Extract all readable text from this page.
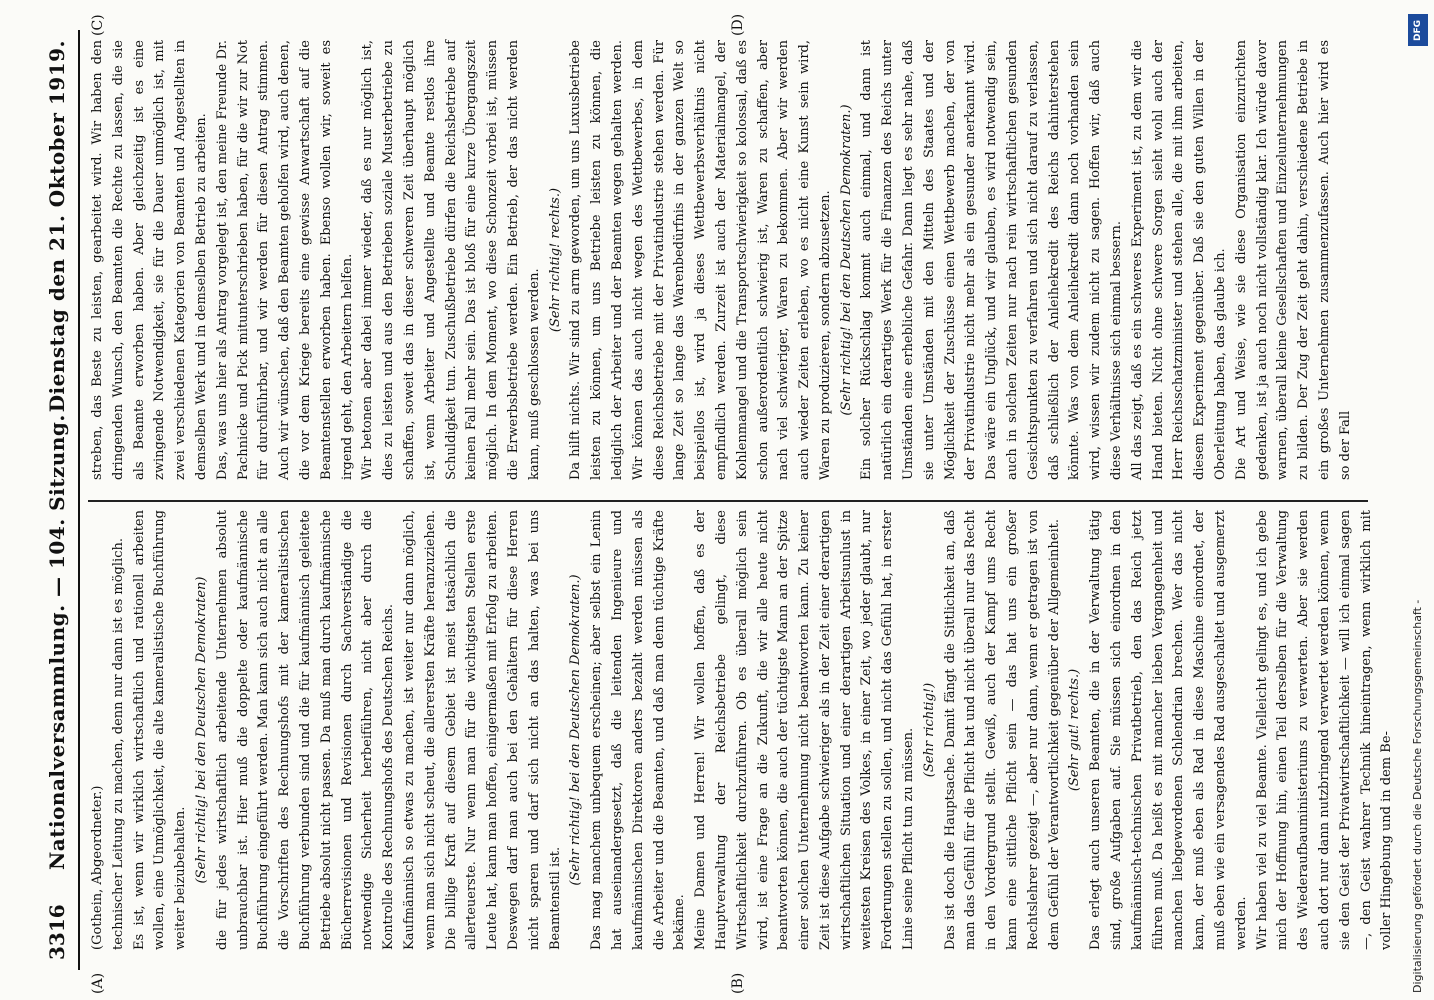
3316
Nationalversammlung. — 104. Sitzung.
Dienstag den 21. Oktober 1919.
(A)	(B)
(C)	(D)

(Gothein, Abgeordneter.) technischer Leitung zu machen, denn nur dann ist es möglich. Es ist, wenn wir wirklich wirtschaftlich und rationell arbeiten wollen, eine Unmöglichkeit, die alte kameralistische Buchführung weiter beizubehalten. (Sehr richtig! bei den Deutschen Demokraten) die für jedes wirtschaftlich arbeitende Unternehmen absolut unbrauchbar ist. Hier muß die doppelte oder kaufmännische Buchführung eingeführt werden. Man kann sich auch nicht an alle die Vorschriften des Rechnungshofs mit der kameralistischen Buchführung verbunden sind und die für kaufmännisch geleitete Betriebe absolut nicht passen. Da muß man durch kaufmännische Bücherrevisionen und Revisionen durch Sachverständige die notwendige Sicherheit herbeiführen, nicht aber durch die Kontrolle des Rechnungshofs des Deutschen Reichs. Kaufmännisch so etwas zu machen, ist weiter nur dann möglich, wenn man sich nicht scheut, die allerersten Kräfte heranzuziehen. Die billige Kraft auf diesem Gebiet ist meist tatsächlich die allerteuerste. Nur wenn man für die wichtigsten Stellen erste Leute hat, kann man hoffen, einigermaßen mit Erfolg zu arbeiten. Deswegen darf man auch bei den Gehältern für diese Herren nicht sparen und darf sich nicht an das halten, was bei uns Beamtenstil ist.

(Sehr richtig! bei den Deutschen Demokraten.) Das mag manchem unbequem erscheinen; aber selbst ein Lenin hat auseinandergesetzt, daß die leitenden Ingenieure und kaufmännischen Direktoren anders bezahlt werden müssen als die Arbeiter und die Beamten, und daß man denn tüchtige Kräfte bekäme. Meine Damen und Herren! Wir wollen hoffen, daß es der Hauptverwaltung der Reichsbetriebe gelingt, diese Wirtschaftlichkeit durchzuführen. Ob es überall möglich sein wird, ist eine Frage an die Zukunft, die wir alle heute nicht beantworten können, die auch der tüchtigste Mann an der Spitze einer solchen Unternehmung nicht beantworten kann. Zu keiner Zeit ist diese Aufgabe schwieriger als in der Zeit einer derartigen wirtschaftlichen Situation und einer derartigen Arbeitsunlust in weitesten Kreisen des Volkes, in einer Zeit, wo jeder glaubt, nur Forderungen stellen zu sollen, und nicht das Gefühl hat, in erster Linie seine Pflicht tun zu müssen. (Sehr richtig!) Das ist doch die Hauptsache. Damit fängt die Sittlichkeit an, daß man das Gefühl für die Pflicht hat und nicht überall nur das Recht in den Vordergrund stellt. Gewiß, auch der Kampf ums Recht kann eine sittliche Pflicht sein — das hat uns ein großer Rechtslehrer gezeigt —, aber nur dann, wenn er getragen ist von dem Gefühl der Verantwortlichkeit gegenüber der Allgemeinheit. (Sehr gut! rechts.) Das erlegt auch unseren Beamten, die in der Verwaltung tätig sind, große Aufgaben auf. Sie müssen sich einordnen in den kaufmännisch-technischen Privatbetrieb, den das Reich jetzt führen muß. Da heißt es mit mancher lieben Vergangenheit und manchen liebgewordenen Schlendrian brechen. Wer das nicht kann, der muß eben als Rad in diese Maschine einordnet, der muß eben wie ein versagendes Rad ausgeschaltet und ausgemerzt werden. Wir haben viel zu viel Beamte. Vielleicht gelingt es, und ich gebe mich der Hoffnung hin, einen Teil derselben für die Verwaltung des Wiederaufbauministeriums zu verwerten. Aber sie werden auch dort nur dann nutzbringend verwertet werden können, wenn sie den Geist der Privatwirtschaftlichkeit — will ich einmal sagen —, den Geist wahrer Technik hineintragen, wenn wirklich mit voller Hingebung und in dem Be-

streben, das Beste zu leisten, gearbeitet wird. Wir haben den dringenden Wunsch, den Beamten die Rechte zu lassen, die sie als Beamte erworben haben. Aber gleichzeitig ist es eine zwingende Notwendigkeit, sie für die Dauer unmöglich ist, mit zwei verschiedenen Kategorien von Beamten und Angestellten in demselben Werk und in demselben Betrieb zu arbeiten. Das, was uns hier als Antrag vorgelegt ist, den meine Freunde Dr. Pachnicke und Pick mitunterschrieben haben, für die wir zur Not für durchführbar, und wir werden für diesen Antrag stimmen. Auch wir wünschen, daß den Beamten geholfen wird, auch denen, die vor dem Kriege bereits eine gewisse Anwartschaft auf die Beamtenstellen erworben haben. Ebenso wollen wir, soweit es irgend geht, den Arbeitern helfen. Wir betonen aber dabei immer wieder, daß es nur möglich ist, dies zu leisten und aus den Betrieben soziale Musterbetriebe zu schaffen, soweit das in dieser schweren Zeit überhaupt möglich ist, wenn Arbeiter und Angestellte und Beamte restlos ihre Schuldigkeit tun. Zuschußbetriebe dürfen die Reichsbetriebe auf keinen Fall mehr sein. Das ist bloß für eine kurze Übergangszeit möglich. In dem Moment, wo diese Schonzeit vorbei ist, müssen die Erwerbsbetriebe werden. Ein Betrieb, der das nicht werden kann, muß geschlossen werden.

(Sehr richtig! rechts.) Da hilft nichts. Wir sind zu arm geworden, um uns Luxusbetriebe leisten zu können, um uns Betriebe leisten zu können, die lediglich der Arbeiter und der Beamten wegen gehalten werden. Wir können das auch nicht wegen des Wettbewerbes, in dem diese Reichsbetriebe mit der Privatindustrie stehen werden. Für lange Zeit so lange das Warenbedürfnis in der ganzen Welt so beispiellos ist, wird ja dieses Wettbewerbsverhältnis nicht empfindlich werden. Zurzeit ist auch der Materialmangel, der Kohlenmangel und die Transportschwierigkeit so kolossal, daß es schon außerordentlich schwierig ist, Waren zu schaffen, aber nach viel schwieriger, Waren zu bekommen. Aber wir werden auch wieder Zeiten erleben, wo es nicht eine Kunst sein wird, Waren zu produzieren, sondern abzusetzen. (Sehr richtig! bei den Deutschen Demokraten.) Ein solcher Rückschlag kommt auch einmal, und dann ist natürlich ein derartiges Werk für die Finanzen des Reichs unter Umständen eine erhebliche Gefahr. Dann liegt es sehr nahe, daß sie unter Umständen mit den Mitteln des Staates und der Möglichkeit der Zuschüsse einen Wettbewerb machen, der von der Privatindustrie nicht mehr als ein gesunder anerkannt wird. Das wäre ein Unglück, und wir glauben, es wird notwendig sein, auch in solchen Zeiten nur nach rein wirtschaftlichen gesunden Gesichtspunkten zu verfahren und sich nicht darauf zu verlassen, daß schließlich der Anleihekredit des Reichs dahinterstehen könnte. Was von dem Anleihekredit dann noch vorhanden sein wird, wissen wir zudem nicht zu sagen. Hoffen wir, daß auch diese Verhältnisse sich einmal bessern. All das zeigt, daß es ein schweres Experiment ist, zu dem wir die Hand bieten. Nicht ohne schwere Sorgen sieht wohl auch der Herr Reichsschatzminister und stehen alle, die mit ihm arbeiten, diesem Experiment gegenüber. Daß sie den guten Willen in der Oberleitung haben, das glaube ich. Die Art und Weise, wie sie diese Organisation einzurichten gedenken, ist ja auch noch nicht vollständig klar. Ich würde davor warnen, überall kleine Gesellschaften und Einzelunternehmungen zu bilden. Der Zug der Zeit geht dahin, verschiedene Betriebe in ein großes Unternehmen zusammenzufassen. Auch hier wird es so der Fall

Digitalisierung gefördert durch die Deutsche Forschungsgemeinschaft -
DFG
